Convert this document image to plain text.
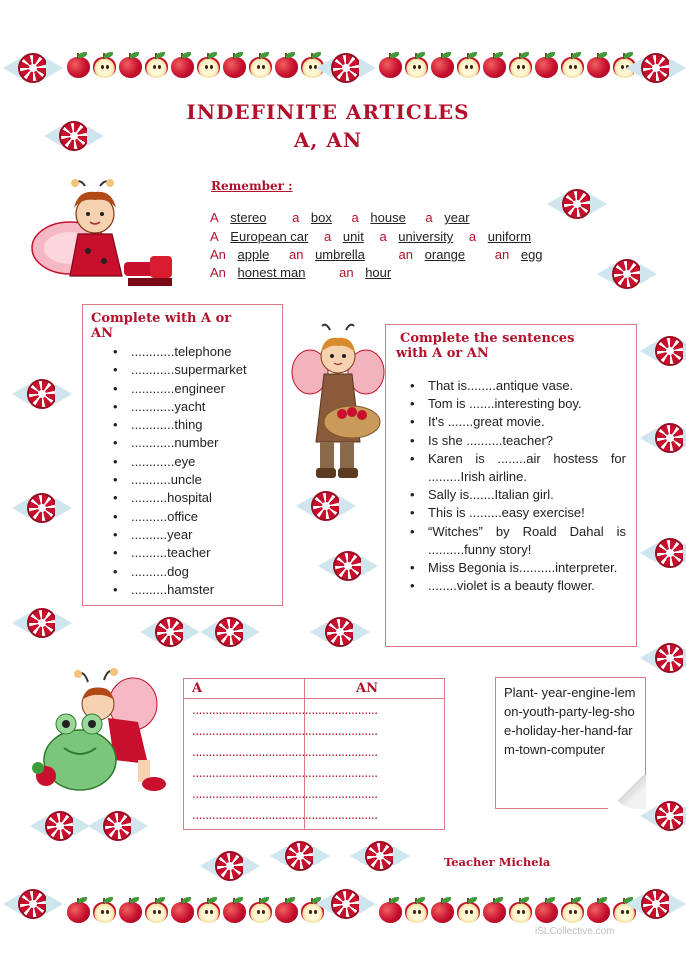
INDEFINITE ARTICLES
A, AN
Remember :
A stereo a box a house a year
A European car a unit a university a uniform
An apple an umbrella	an orange an egg
An honest man	an hour
Complete with A or
AN
• ............telephone
• ............supermarket
• ............engineer
• ............yacht
• ............thing
• ............number
• ............eye
• ...........uncle
• ..........hospital
• ..........office
• ..........year
• ..........teacher
• ..........dog
• ..........hamster
Complete the sentences
with A or AN
• That is........antique vase.
• Tom is .......interesting boy.
• It's .......great movie.
• Is she ..........teacher?
• Karen is ........air hostess for .........Irish airline.
• Sally is.......Italian girl.
• This is .........easy exercise!
• “Witches” by Roald Dahal is ..........funny story!
• Miss Begonia is..........interpreter.
• ........violet is a beauty flower.
A	AN
........................................................
........................................................
........................................................
........................................................
........................................................
........................................................
Plant- year-engine-lemon-youth-party-leg-shoe-holiday-her-hand-farm-town-computer
Teacher Michela
iSLCollective.com
